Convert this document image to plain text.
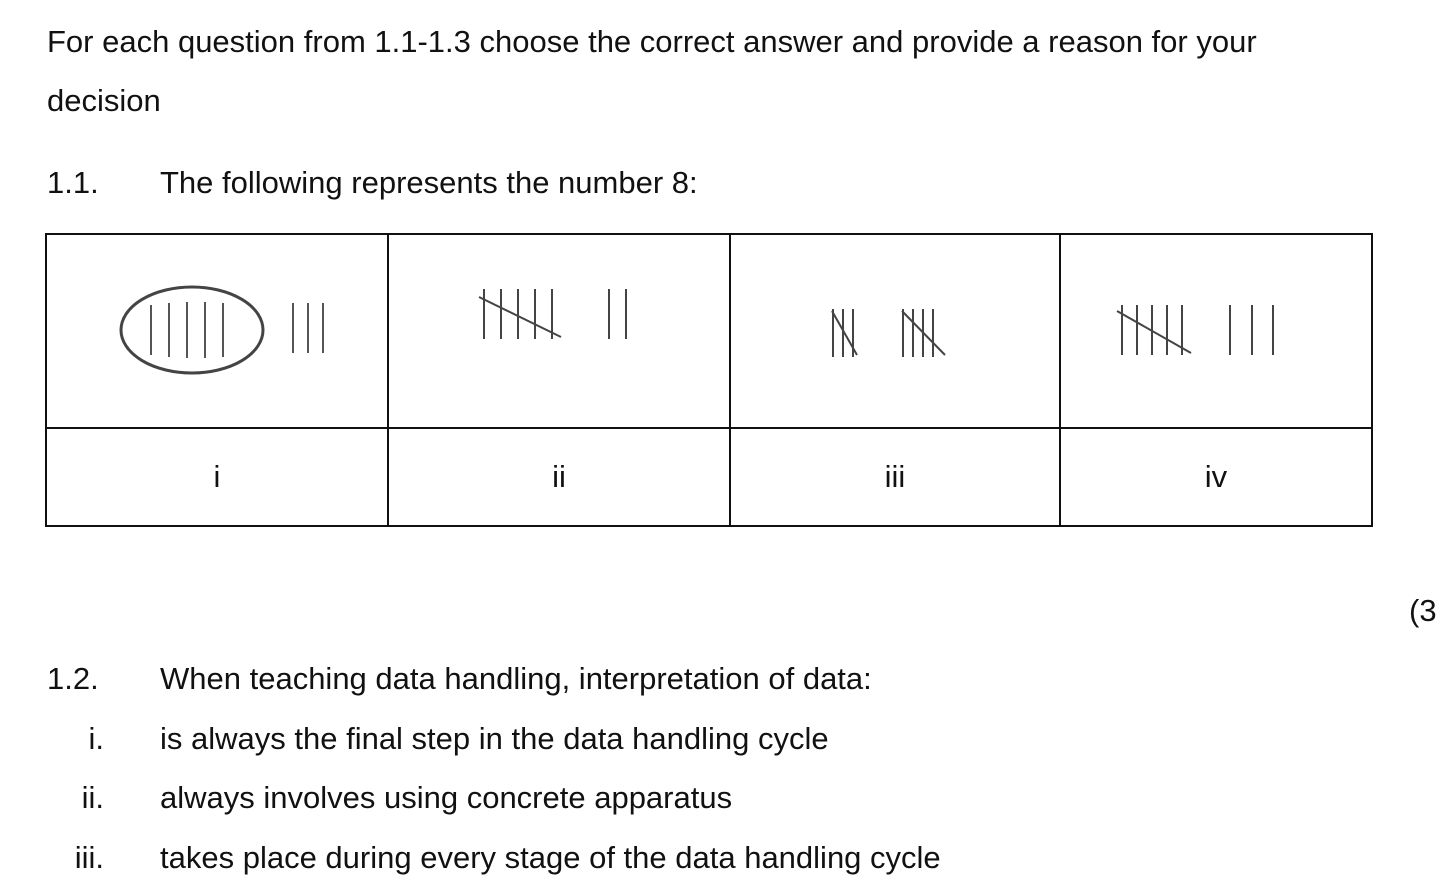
For each question from 1.1-1.3 choose the correct answer and provide a reason for your
decision
1.1. The following represents the number 8:

i	ii	iii	iv
(3
1.2. When teaching data handling, interpretation of data:
i. is always the final step in the data handling cycle
ii. always involves using concrete apparatus
iii. takes place during every stage of the data handling cycle
